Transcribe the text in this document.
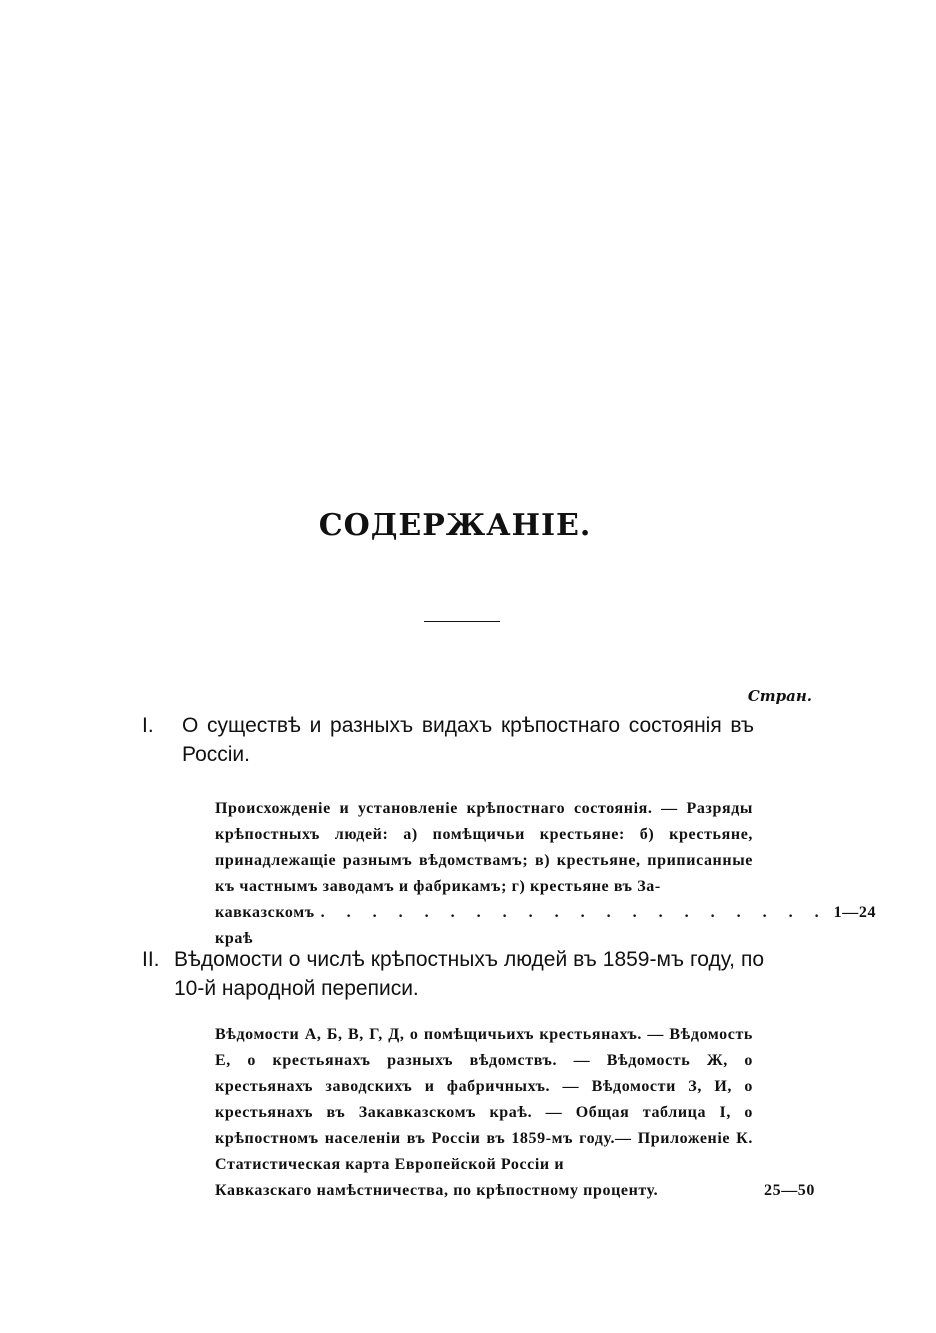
СОДЕРЖАНІЕ.
Стран.
I. О существѣ и разныхъ видахъ крѣпостнаго состоянія въ Россіи.
Происхожденіе и установленіе крѣпостнаго состоянія. — Разряды крѣпостныхъ людей: а) помѣщичьи крестьяне: б) крестьяне, принадлежащіе разнымъ вѣдомствамъ; в) крестьяне, приписанные къ частнымъ заводамъ и фабрикамъ; г) крестьяне въ За-
кавказскомъ краѣ
. . . . . . . . . . . . . . . . . . . . 1—24
II. Вѣдомости о числѣ крѣпостныхъ людей въ 1859-мъ году, по 10-й народной переписи.
Вѣдомости А, Б, В, Г, Д, о помѣщичьихъ крестьянахъ. — Вѣдомость Е, о крестьянахъ разныхъ вѣдомствъ. — Вѣдомость Ж, о крестьянахъ заводскихъ и фабричныхъ. — Вѣдомости З, И, о крестьянахъ въ Закавказскомъ краѣ. — Общая таблица I, о крѣпостномъ населеніи въ Россіи въ 1859-мъ году.— Приложеніе К. Статистическая карта Европейской Россіи и
Кавказскаго намѣстничества, по крѣпостному проценту.	25—50
